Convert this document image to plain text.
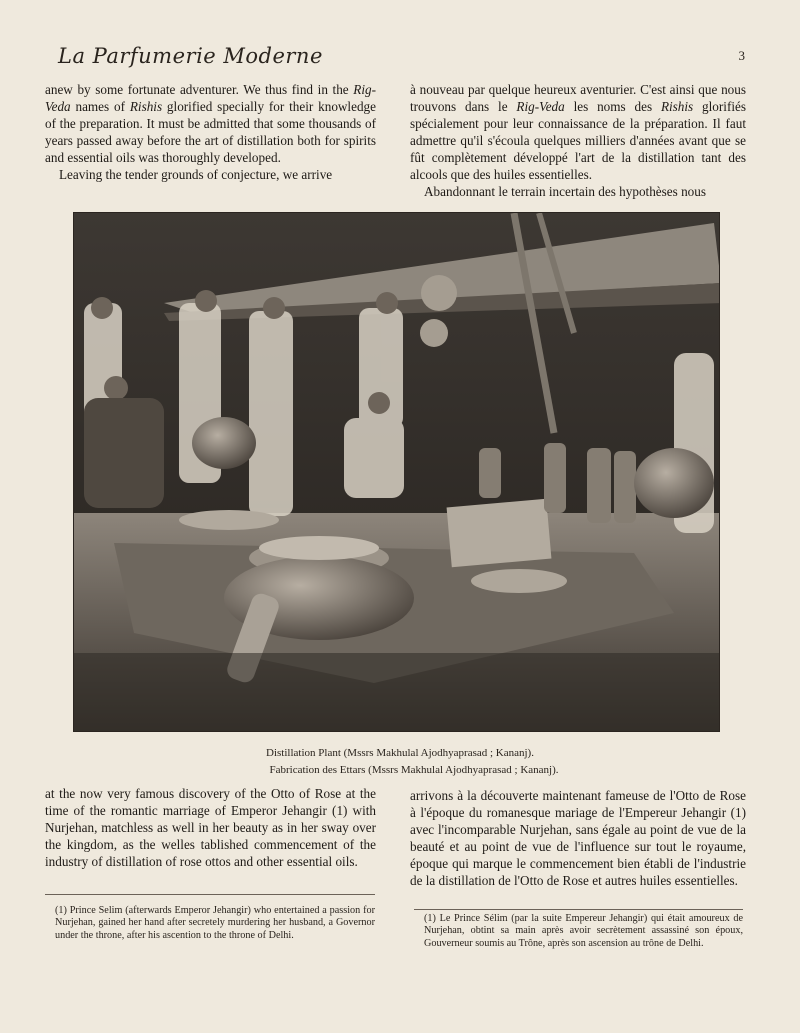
La Parfumerie Moderne	3

anew by some fortunate adventurer. We thus find in the Rig-Veda names of Rishis glorified specially for their knowledge of the preparation. It must be admitted that some thousands of years passed away before the art of distillation both for spirits and essential oils was thoroughly developed.

Leaving the tender grounds of conjecture, we arrive

à nouveau par quelque heureux aventurier. C'est ainsi que nous trouvons dans le Rig-Veda les noms des Rishis glorifiés spécialement pour leur connaissance de la préparation. Il faut admettre qu'il s'écoula quelques milliers d'années avant que se fût complètement développé l'art de la distillation tant des alcools que des huiles essentielles.

Abandonnant le terrain incertain des hypothèses nous

Distillation Plant (Mssrs Makhulal Ajodhyaprasad ; Kananj).
Fabrication des Ettars (Mssrs Makhulal Ajodhyaprasad ; Kananj).

at the now very famous discovery of the Otto of Rose at the time of the romantic marriage of Emperor Jehangir (1) with Nurjehan, matchless as well in her beauty as in her sway over the kingdom, as the welles tablished commencement of the industry of distillation of rose ottos and other essential oils.

arrivons à la découverte maintenant fameuse de l'Otto de Rose à l'époque du romanesque mariage de l'Empereur Jehangir (1) avec l'incomparable Nurjehan, sans égale au point de vue de la beauté et au point de vue de l'influence sur tout le royaume, époque qui marque le commencement bien établi de l'industrie de la distillation de l'Otto de Rose et autres huiles essentielles.

(1) Prince Selim (afterwards Emperor Jehangir) who entertained a passion for Nurjehan, gained her hand after secretely murdering her husband, a Governor under the throne, after his ascention to the throne of Delhi.
(1) Le Prince Sélim (par la suite Empereur Jehangir) qui était amoureux de Nurjehan, obtint sa main après avoir secrètement assassiné son époux, Gouverneur soumis au Trône, après son ascension au trône de Delhi.
